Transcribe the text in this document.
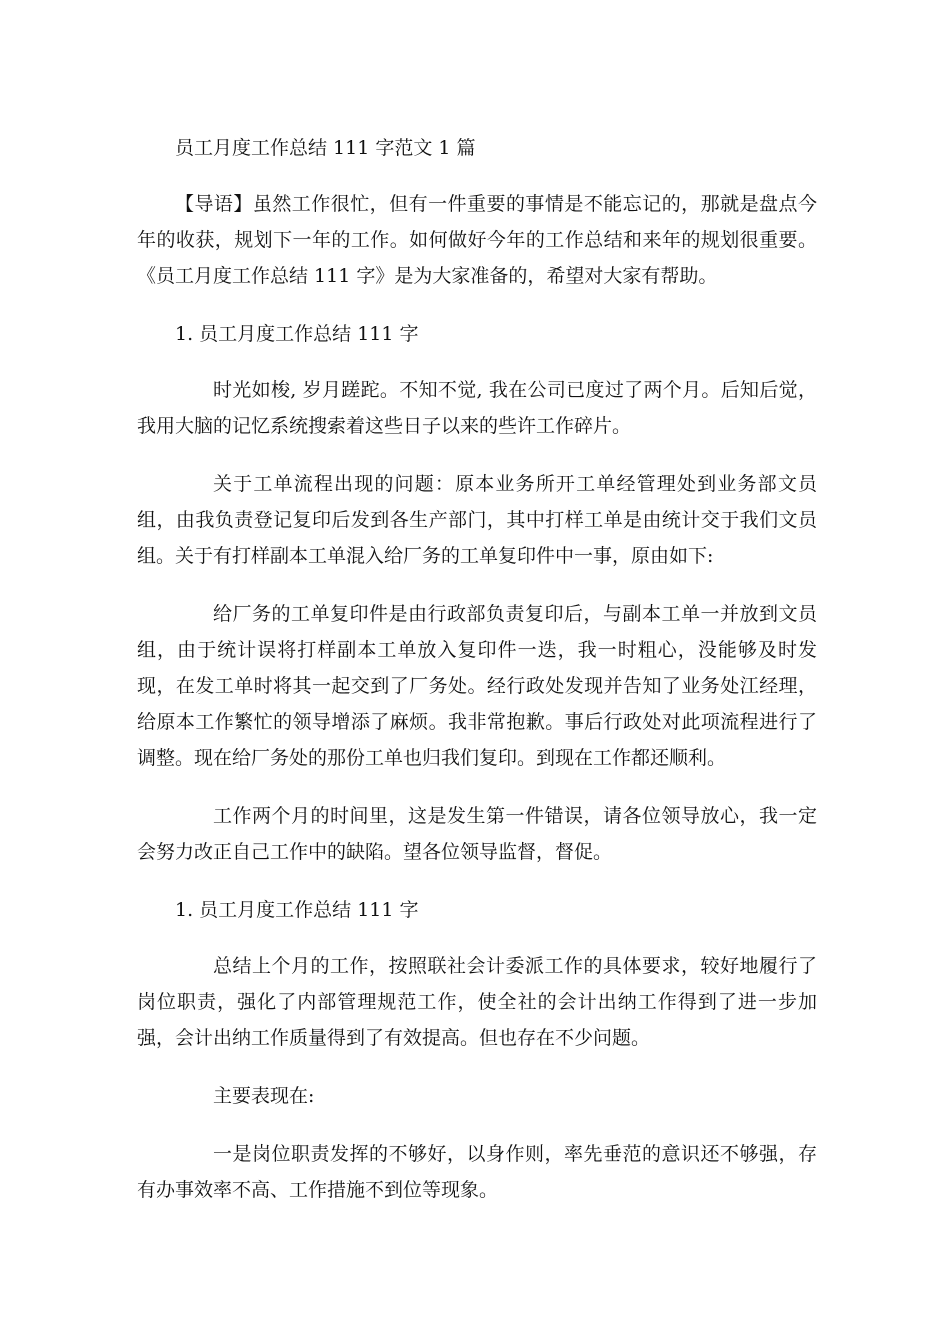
员工月度工作总结 111 字范文 1 篇

【导语】虽然工作很忙，但有一件重要的事情是不能忘记的，那就是盘点今年的收获，规划下一年的工作。如何做好今年的工作总结和来年的规划很重要。《员工月度工作总结 111 字》是为大家准备的，希望对大家有帮助。

1. 员工月度工作总结 111 字

时光如梭, 岁月蹉跎。不知不觉, 我在公司已度过了两个月。后知后觉，我用大脑的记忆系统搜索着这些日子以来的些许工作碎片。

关于工单流程出现的问题：原本业务所开工单经管理处到业务部文员组，由我负责登记复印后发到各生产部门，其中打样工单是由统计交于我们文员组。关于有打样副本工单混入给厂务的工单复印件中一事，原由如下:

给厂务的工单复印件是由行政部负责复印后，与副本工单一并放到文员组，由于统计误将打样副本工单放入复印件一迭，我一时粗心，没能够及时发现，在发工单时将其一起交到了厂务处。经行政处发现并告知了业务处江经理，给原本工作繁忙的领导增添了麻烦。我非常抱歉。事后行政处对此项流程进行了调整。现在给厂务处的那份工单也归我们复印。到现在工作都还顺利。

工作两个月的时间里，这是发生第一件错误，请各位领导放心，我一定会努力改正自己工作中的缺陷。望各位领导监督，督促。

1. 员工月度工作总结 111 字

总结上个月的工作，按照联社会计委派工作的具体要求，较好地履行了岗位职责，强化了内部管理规范工作，使全社的会计出纳工作得到了进一步加强，会计出纳工作质量得到了有效提高。但也存在不少问题。

主要表现在:

一是岗位职责发挥的不够好，以身作则，率先垂范的意识还不够强，存有办事效率不高、工作措施不到位等现象。
